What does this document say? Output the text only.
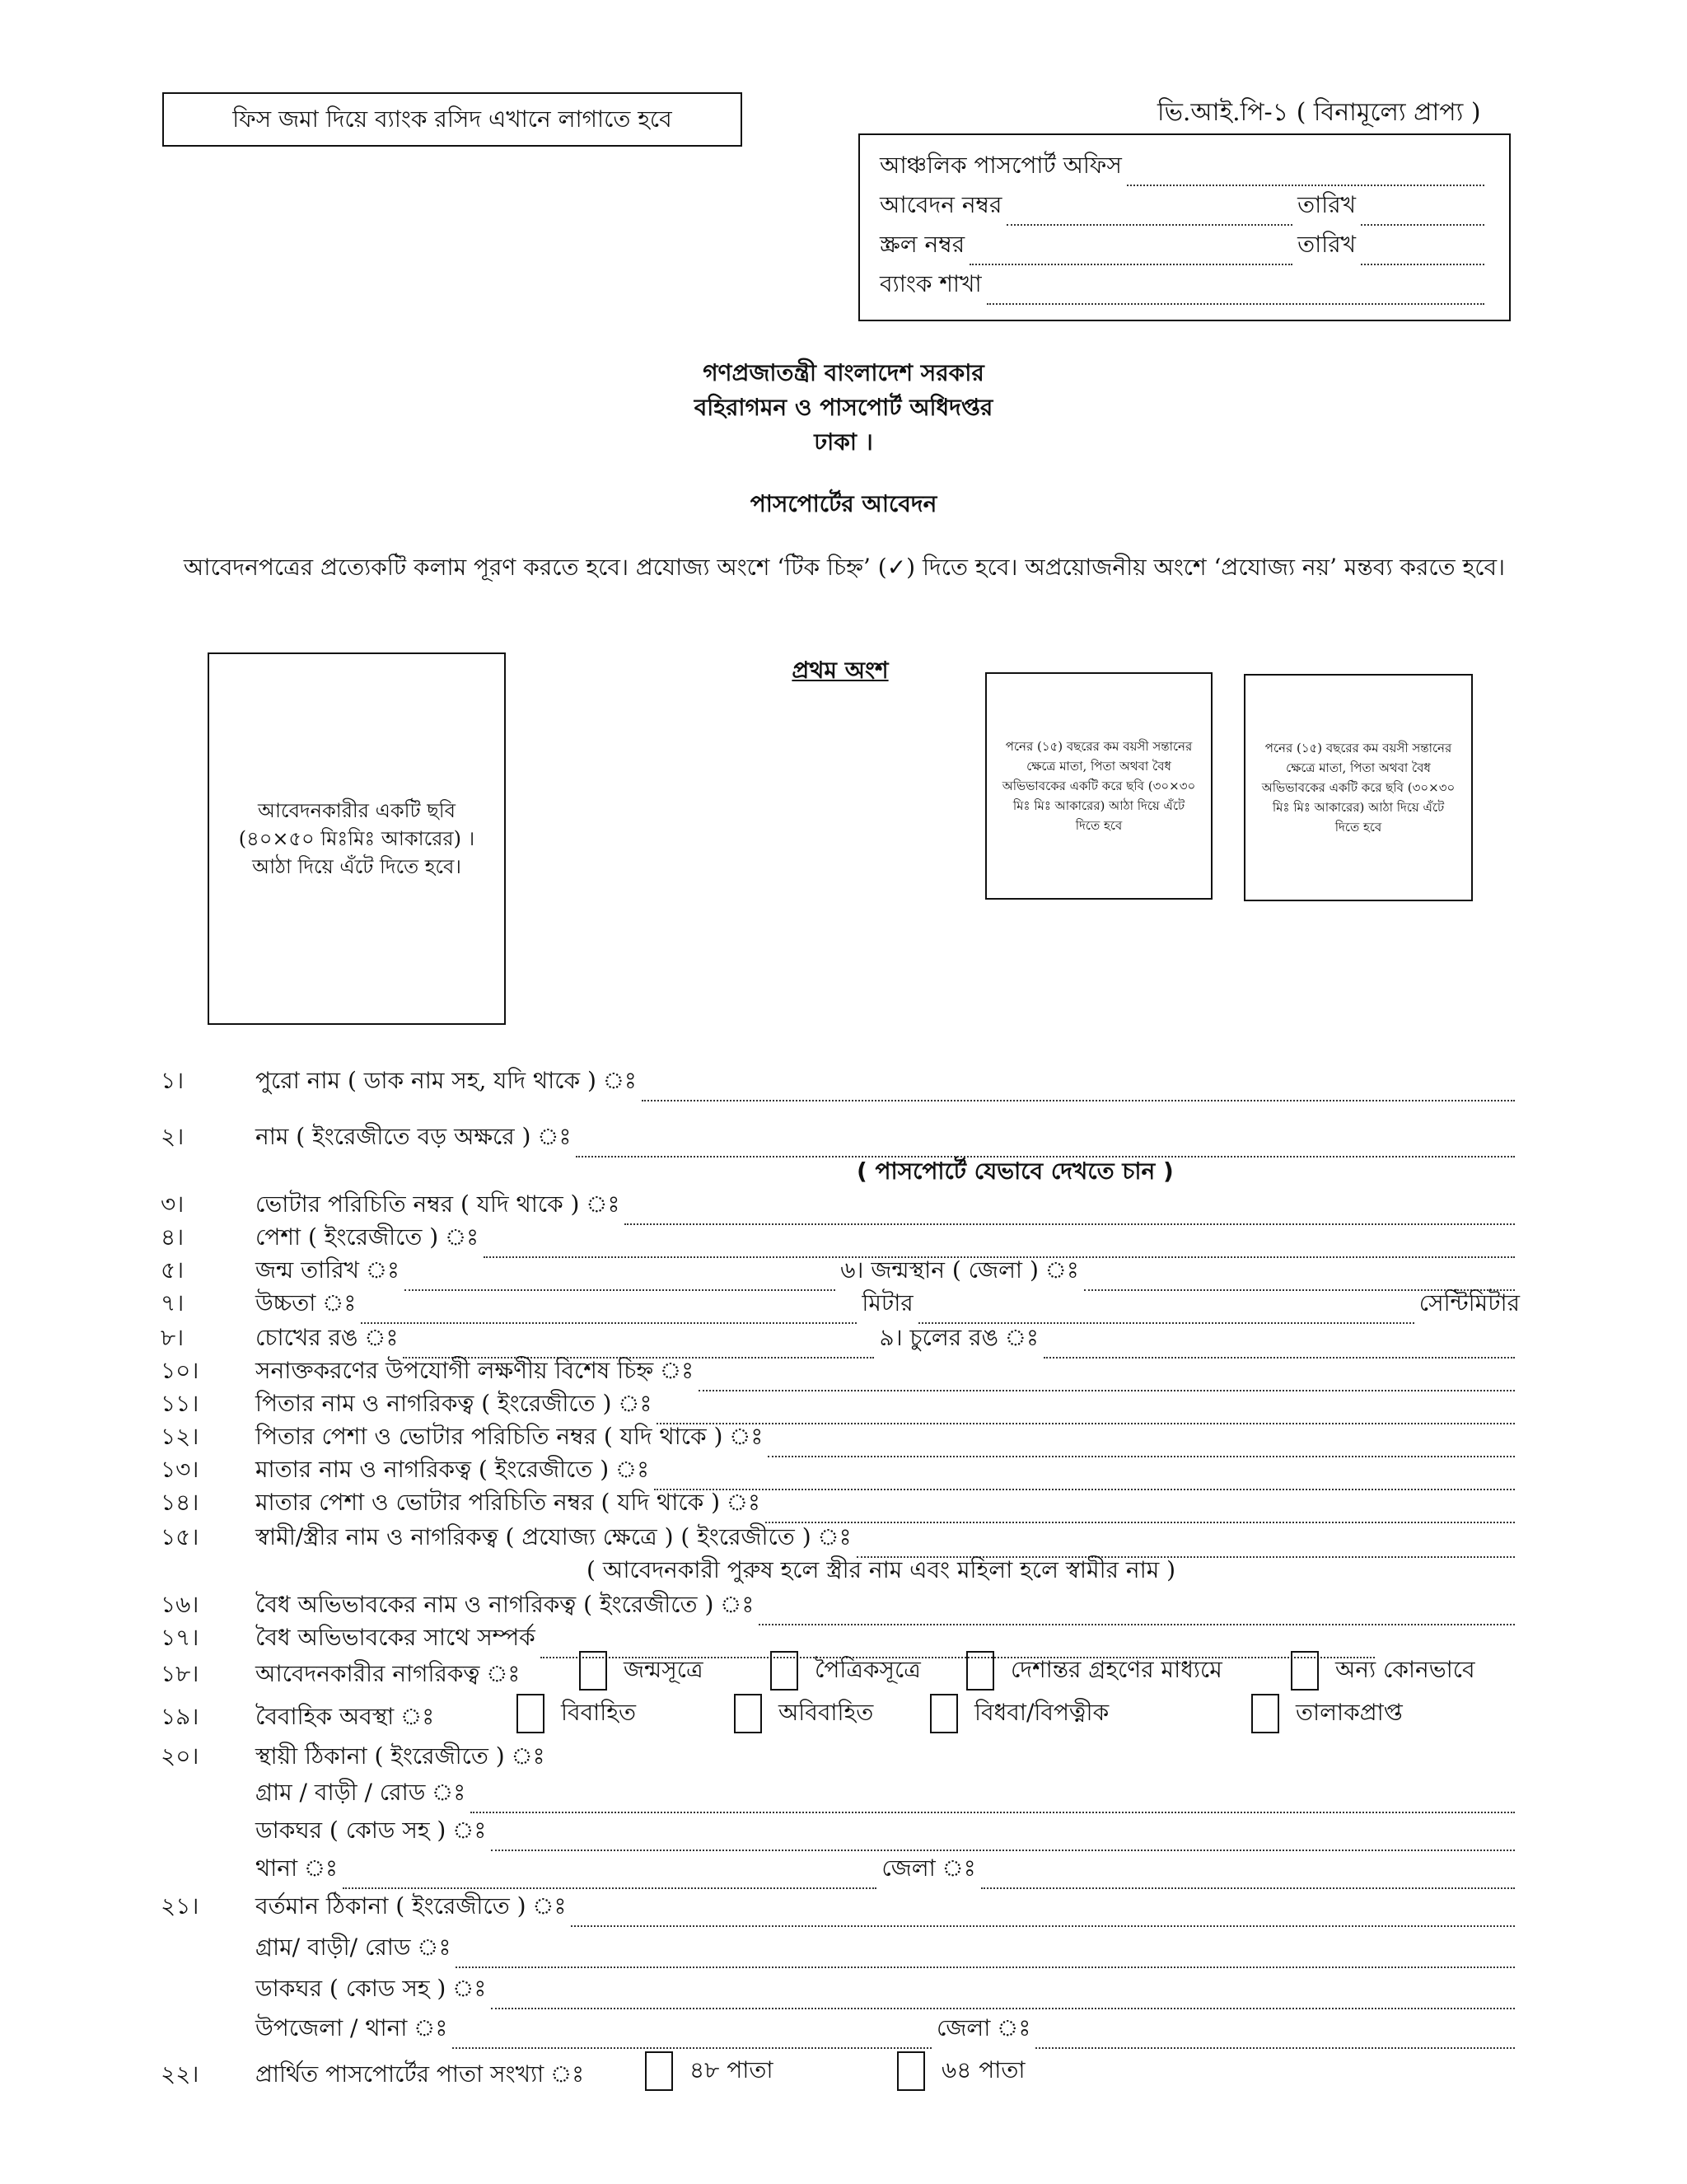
ফিস জমা দিয়ে ব্যাংক রসিদ এখানে লাগাতে হবে	ভি.আই.পি-১ ( বিনামূল্যে প্রাপ্য )
আঞ্চলিক পাসপোর্ট অফিস
আবেদন নম্বর	তারিখ
স্ক্রল নম্বর	তারিখ
ব্যাংক শাখা
গণপ্রজাতন্ত্রী বাংলাদেশ সরকার
বহিরাগমন ও পাসপোর্ট অধিদপ্তর
ঢাকা ।
পাসপোর্টের আবেদন
আবেদনপত্রের প্রত্যেকটি কলাম পূরণ করতে হবে। প্রযোজ্য অংশে ‘টিক চিহ্ন’ (✓) দিতে হবে। অপ্রয়োজনীয় অংশে ‘প্রযোজ্য নয়’ মন্তব্য করতে হবে।
প্রথম অংশ
আবেদনকারীর একটি ছবি (৪০×৫০ মিঃমিঃ আকারের) । আঠা দিয়ে এঁটে দিতে হবে।
পনের (১৫) বছরের কম বয়সী সন্তানের ক্ষেত্রে মাতা, পিতা অথবা বৈধ অভিভাবকের একটি করে ছবি (৩০×৩০ মিঃ মিঃ আকারের) আঠা দিয়ে এঁটে দিতে হবে
পনের (১৫) বছরের কম বয়সী সন্তানের ক্ষেত্রে মাতা, পিতা অথবা বৈধ অভিভাবকের একটি করে ছবি (৩০×৩০ মিঃ মিঃ আকারের) আঠা দিয়ে এঁটে দিতে হবে
১।	পুরো নাম ( ডাক নাম সহ, যদি থাকে ) ঃ
২।	নাম ( ইংরেজীতে বড় অক্ষরে ) ঃ
( পাসপোর্টে যেভাবে দেখতে চান )
৩।	ভোটার পরিচিতি নম্বর ( যদি থাকে ) ঃ
৪।	পেশা ( ইংরেজীতে ) ঃ
৫।	জন্ম তারিখ ঃ	৬। জন্মস্থান ( জেলা ) ঃ
৭।	উচ্চতা ঃ	মিটার	সেন্টিমিটার
৮।	চোখের রঙ ঃ	৯। চুলের রঙ ঃ
১০। সনাক্তকরণের উপযোগী লক্ষণীয় বিশেষ চিহ্ন ঃ
১১। পিতার নাম ও নাগরিকত্ব ( ইংরেজীতে ) ঃ
১২। পিতার পেশা ও ভোটার পরিচিতি নম্বর ( যদি থাকে ) ঃ
১৩। মাতার নাম ও নাগরিকত্ব ( ইংরেজীতে ) ঃ
১৪। মাতার পেশা ও ভোটার পরিচিতি নম্বর ( যদি থাকে ) ঃ
১৫। স্বামী/স্ত্রীর নাম ও নাগরিকত্ব ( প্রযোজ্য ক্ষেত্রে ) ( ইংরেজীতে ) ঃ
( আবেদনকারী পুরুষ হলে স্ত্রীর নাম এবং মহিলা হলে স্বামীর নাম )
১৬। বৈধ অভিভাবকের নাম ও নাগরিকত্ব ( ইংরেজীতে ) ঃ
১৭। বৈধ অভিভাবকের সাথে সম্পর্ক
১৮। আবেদনকারীর নাগরিকত্ব ঃ	জন্মসূত্রে	পৈত্রিকসূত্রে	দেশান্তর গ্রহণের মাধ্যমে	অন্য কোনভাবে
১৯। বৈবাহিক অবস্থা ঃ	বিবাহিত	অবিবাহিত	বিধবা/বিপত্নীক	তালাকপ্রাপ্ত
২০। স্থায়ী ঠিকানা ( ইংরেজীতে ) ঃ
গ্রাম / বাড়ী / রোড ঃ
ডাকঘর ( কোড সহ ) ঃ
থানা ঃ	জেলা ঃ
২১। বর্তমান ঠিকানা ( ইংরেজীতে ) ঃ
গ্রাম/ বাড়ী/ রোড ঃ
ডাকঘর ( কোড সহ ) ঃ
উপজেলা / থানা ঃ	জেলা ঃ
২২। প্রার্থিত পাসপোর্টের পাতা সংখ্যা ঃ	৪৮ পাতা	৬৪ পাতা
